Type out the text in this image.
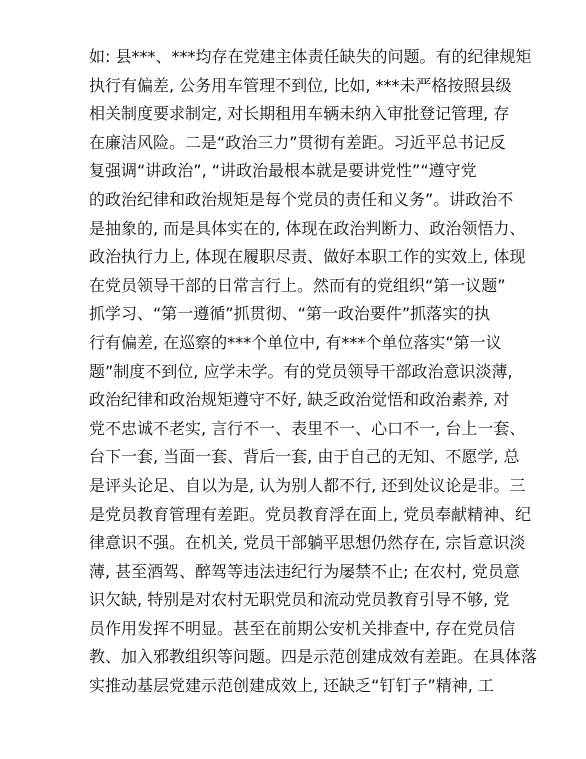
如: 县***、***均存在党建主体责任缺失的问题。有的纪律规矩
执行有偏差, 公务用车管理不到位, 比如, ***未严格按照县级
相关制度要求制定, 对长期租用车辆未纳入审批登记管理, 存
在廉洁风险。二是“政治三力”贯彻有差距。习近平总书记反
复强调“讲政治”, “讲政治最根本就是要讲党性”“遵守党
的政治纪律和政治规矩是每个党员的责任和义务”。讲政治不
是抽象的, 而是具体实在的, 体现在政治判断力、政治领悟力、
政治执行力上, 体现在履职尽责、做好本职工作的实效上, 体现
在党员领导干部的日常言行上。然而有的党组织“第一议题”
抓学习、“第一遵循”抓贯彻、“第一政治要件”抓落实的执
行有偏差, 在巡察的***个单位中, 有***个单位落实“第一议
题”制度不到位, 应学未学。有的党员领导干部政治意识淡薄,
政治纪律和政治规矩遵守不好, 缺乏政治觉悟和政治素养, 对
党不忠诚不老实, 言行不一、表里不一、心口不一, 台上一套、
台下一套, 当面一套、背后一套, 由于自己的无知、不愿学, 总
是评头论足、自以为是, 认为别人都不行, 还到处议论是非。三
是党员教育管理有差距。党员教育浮在面上, 党员奉献精神、纪
律意识不强。在机关, 党员干部躺平思想仍然存在, 宗旨意识淡
薄, 甚至酒驾、醉驾等违法违纪行为屡禁不止; 在农村, 党员意
识欠缺, 特别是对农村无职党员和流动党员教育引导不够, 党
员作用发挥不明显。甚至在前期公安机关排查中, 存在党员信
教、加入邪教组织等问题。四是示范创建成效有差距。在具体落
实推动基层党建示范创建成效上, 还缺乏“钉钉子”精神, 工
